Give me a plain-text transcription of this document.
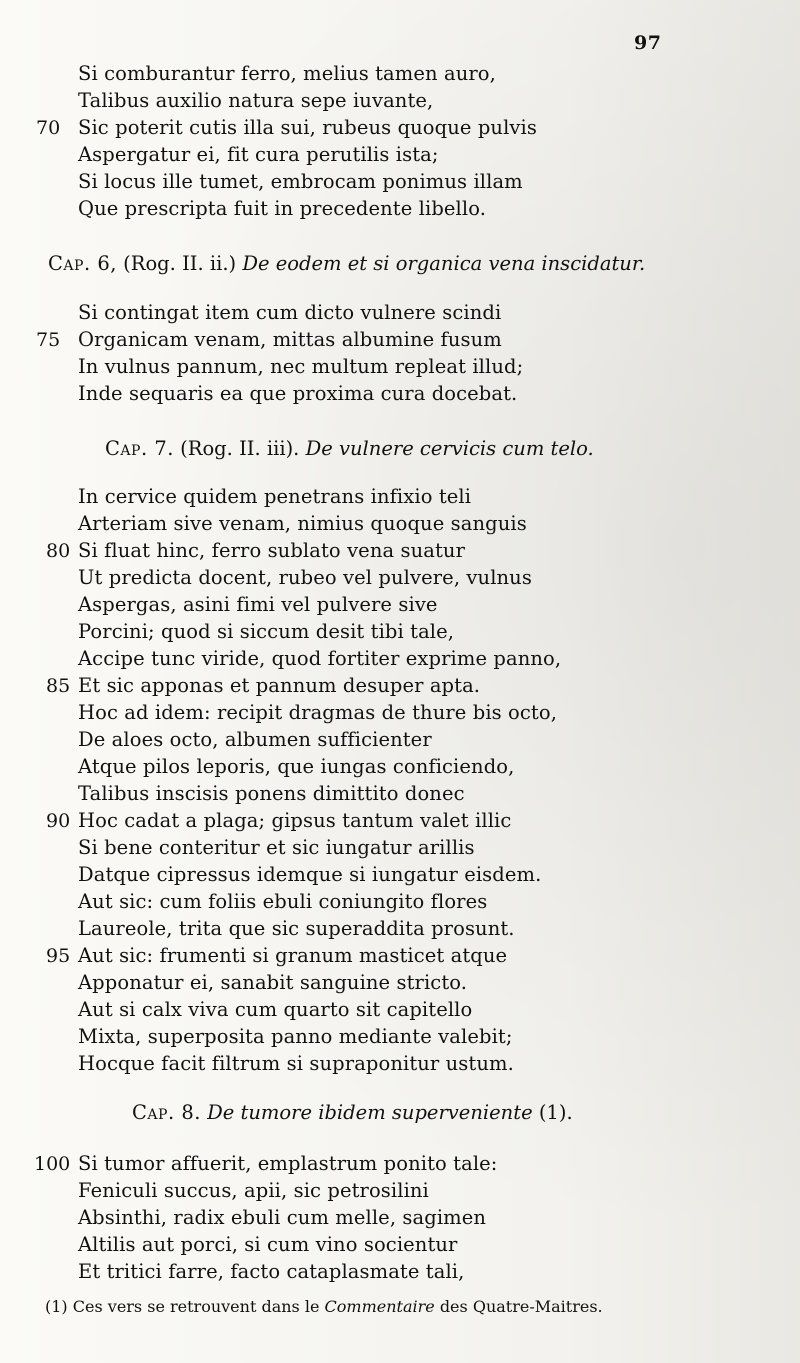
97
Si comburantur ferro, melius tamen auro,
Talibus auxilio natura sepe iuvante,
70 Sic poterit cutis illa sui, rubeus quoque pulvis
Aspergatur ei, fit cura perutilis ista;
Si locus ille tumet, embrocam ponimus illam
Que prescripta fuit in precedente libello.
Cap. 6, (Rog. II. ii.) De eodem et si organica vena inscidatur.
Si contingat item cum dicto vulnere scindi
75 Organicam venam, mittas albumine fusum
In vulnus pannum, nec multum repleat illud;
Inde sequaris ea que proxima cura docebat.
Cap. 7. (Rog. II. iii). De vulnere cervicis cum telo.
In cervice quidem penetrans infixio teli
Arteriam sive venam, nimius quoque sanguis
80 Si fluat hinc, ferro sublato vena suatur
Ut predicta docent, rubeo vel pulvere, vulnus
Aspergas, asini fimi vel pulvere sive
Porcini; quod si siccum desit tibi tale,
Accipe tunc viride, quod fortiter exprime panno,
85 Et sic apponas et pannum desuper apta.
Hoc ad idem: recipit dragmas de thure bis octo,
De aloes octo, albumen sufficienter
Atque pilos leporis, que iungas conficiendo,
Talibus inscisis ponens dimittito donec
90 Hoc cadat a plaga; gipsus tantum valet illic
Si bene conteritur et sic iungatur arillis
Datque cipressus idemque si iungatur eisdem.
Aut sic: cum foliis ebuli coniungito flores
Laureole, trita que sic superaddita prosunt.
95 Aut sic: frumenti si granum masticet atque
Apponatur ei, sanabit sanguine stricto.
Aut si calx viva cum quarto sit capitello
Mixta, superposita panno mediante valebit;
Hocque facit filtrum si supraponitur ustum.
Cap. 8. De tumore ibidem superveniente (1).
100 Si tumor affuerit, emplastrum ponito tale:
Feniculi succus, apii, sic petrosilini
Absinthi, radix ebuli cum melle, sagimen
Altilis aut porci, si cum vino socientur
Et tritici farre, facto cataplasmate tali,
(1) Ces vers se retrouvent dans le Commentaire des Quatre-Maitres.
